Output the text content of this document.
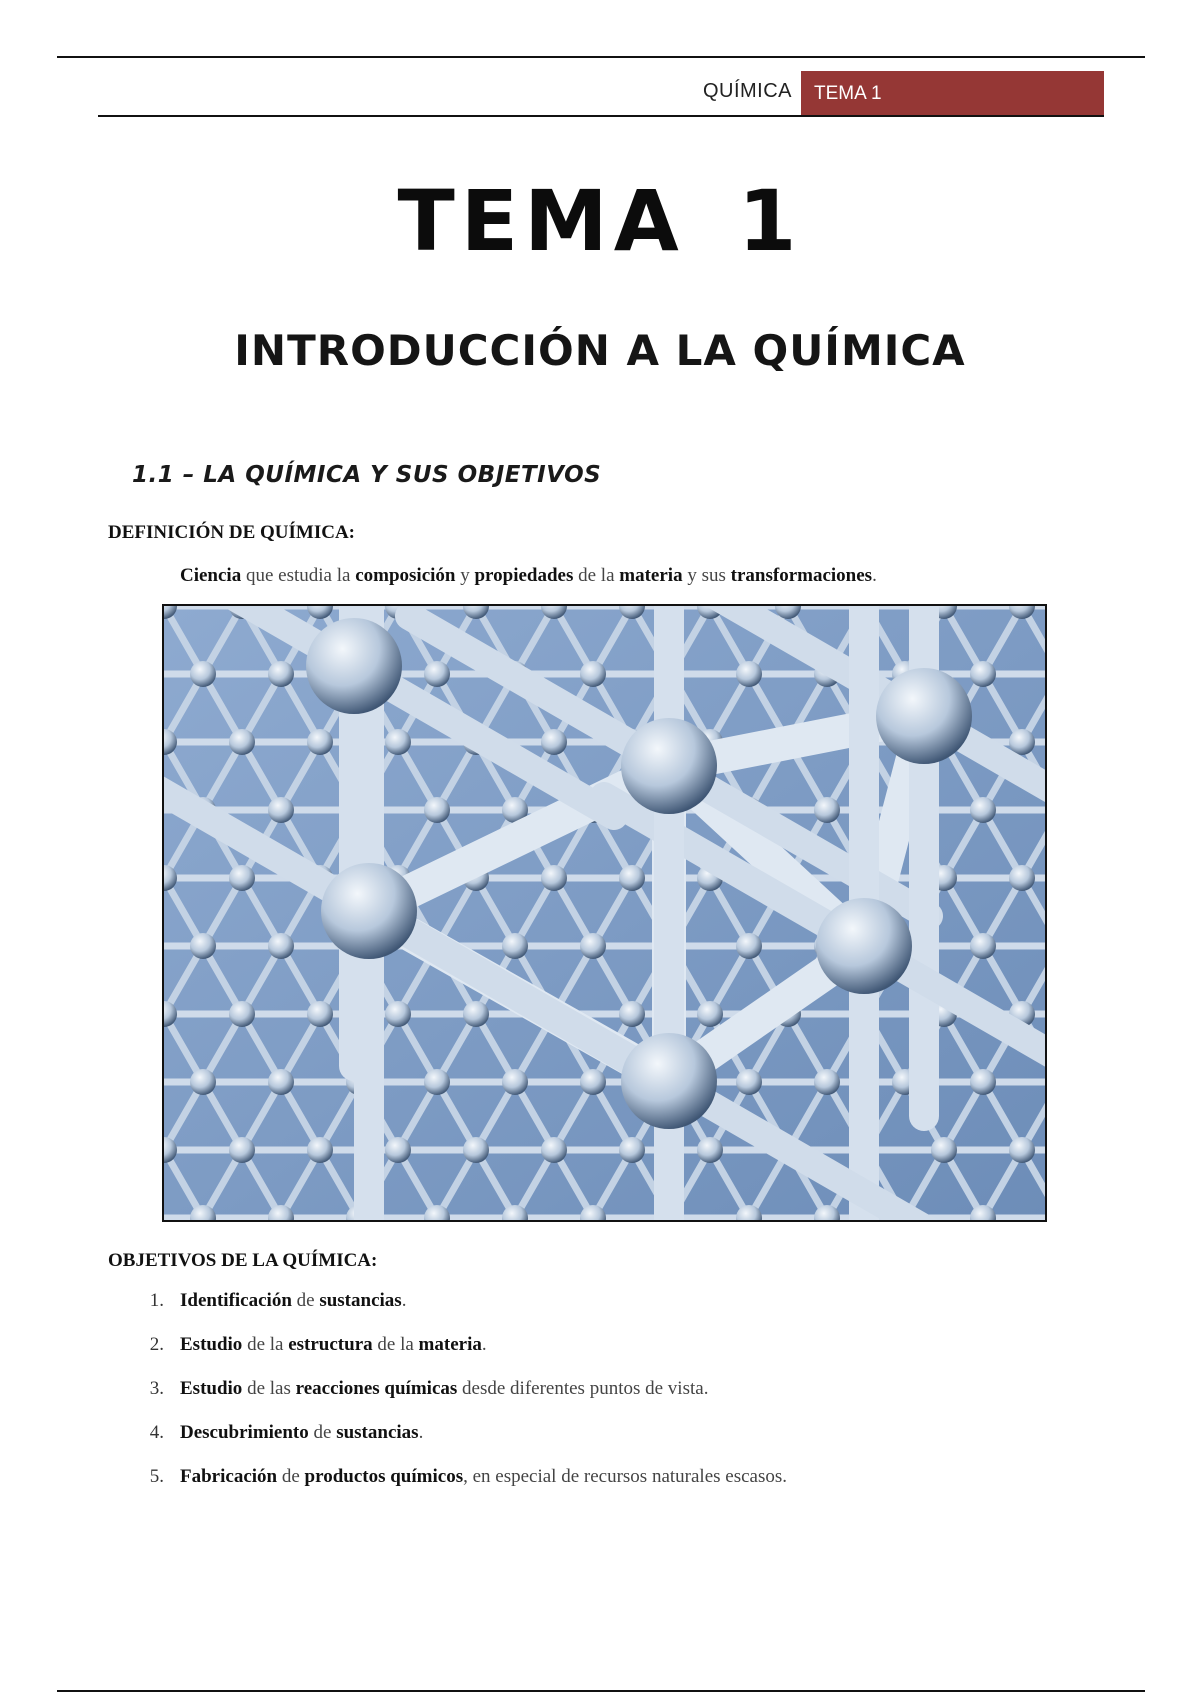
QUÍMICA	TEMA 1
TEMA 1
INTRODUCCIÓN A LA QUÍMICA
1.1 – LA QUÍMICA Y SUS OBJETIVOS
DEFINICIÓN DE QUÍMICA:
Ciencia que estudia la composición y propiedades de la materia y sus transformaciones.
OBJETIVOS DE LA QUÍMICA:
1. Identificación de sustancias.
2. Estudio de la estructura de la materia.
3. Estudio de las reacciones químicas desde diferentes puntos de vista.
4. Descubrimiento de sustancias.
5. Fabricación de productos químicos, en especial de recursos naturales escasos.
